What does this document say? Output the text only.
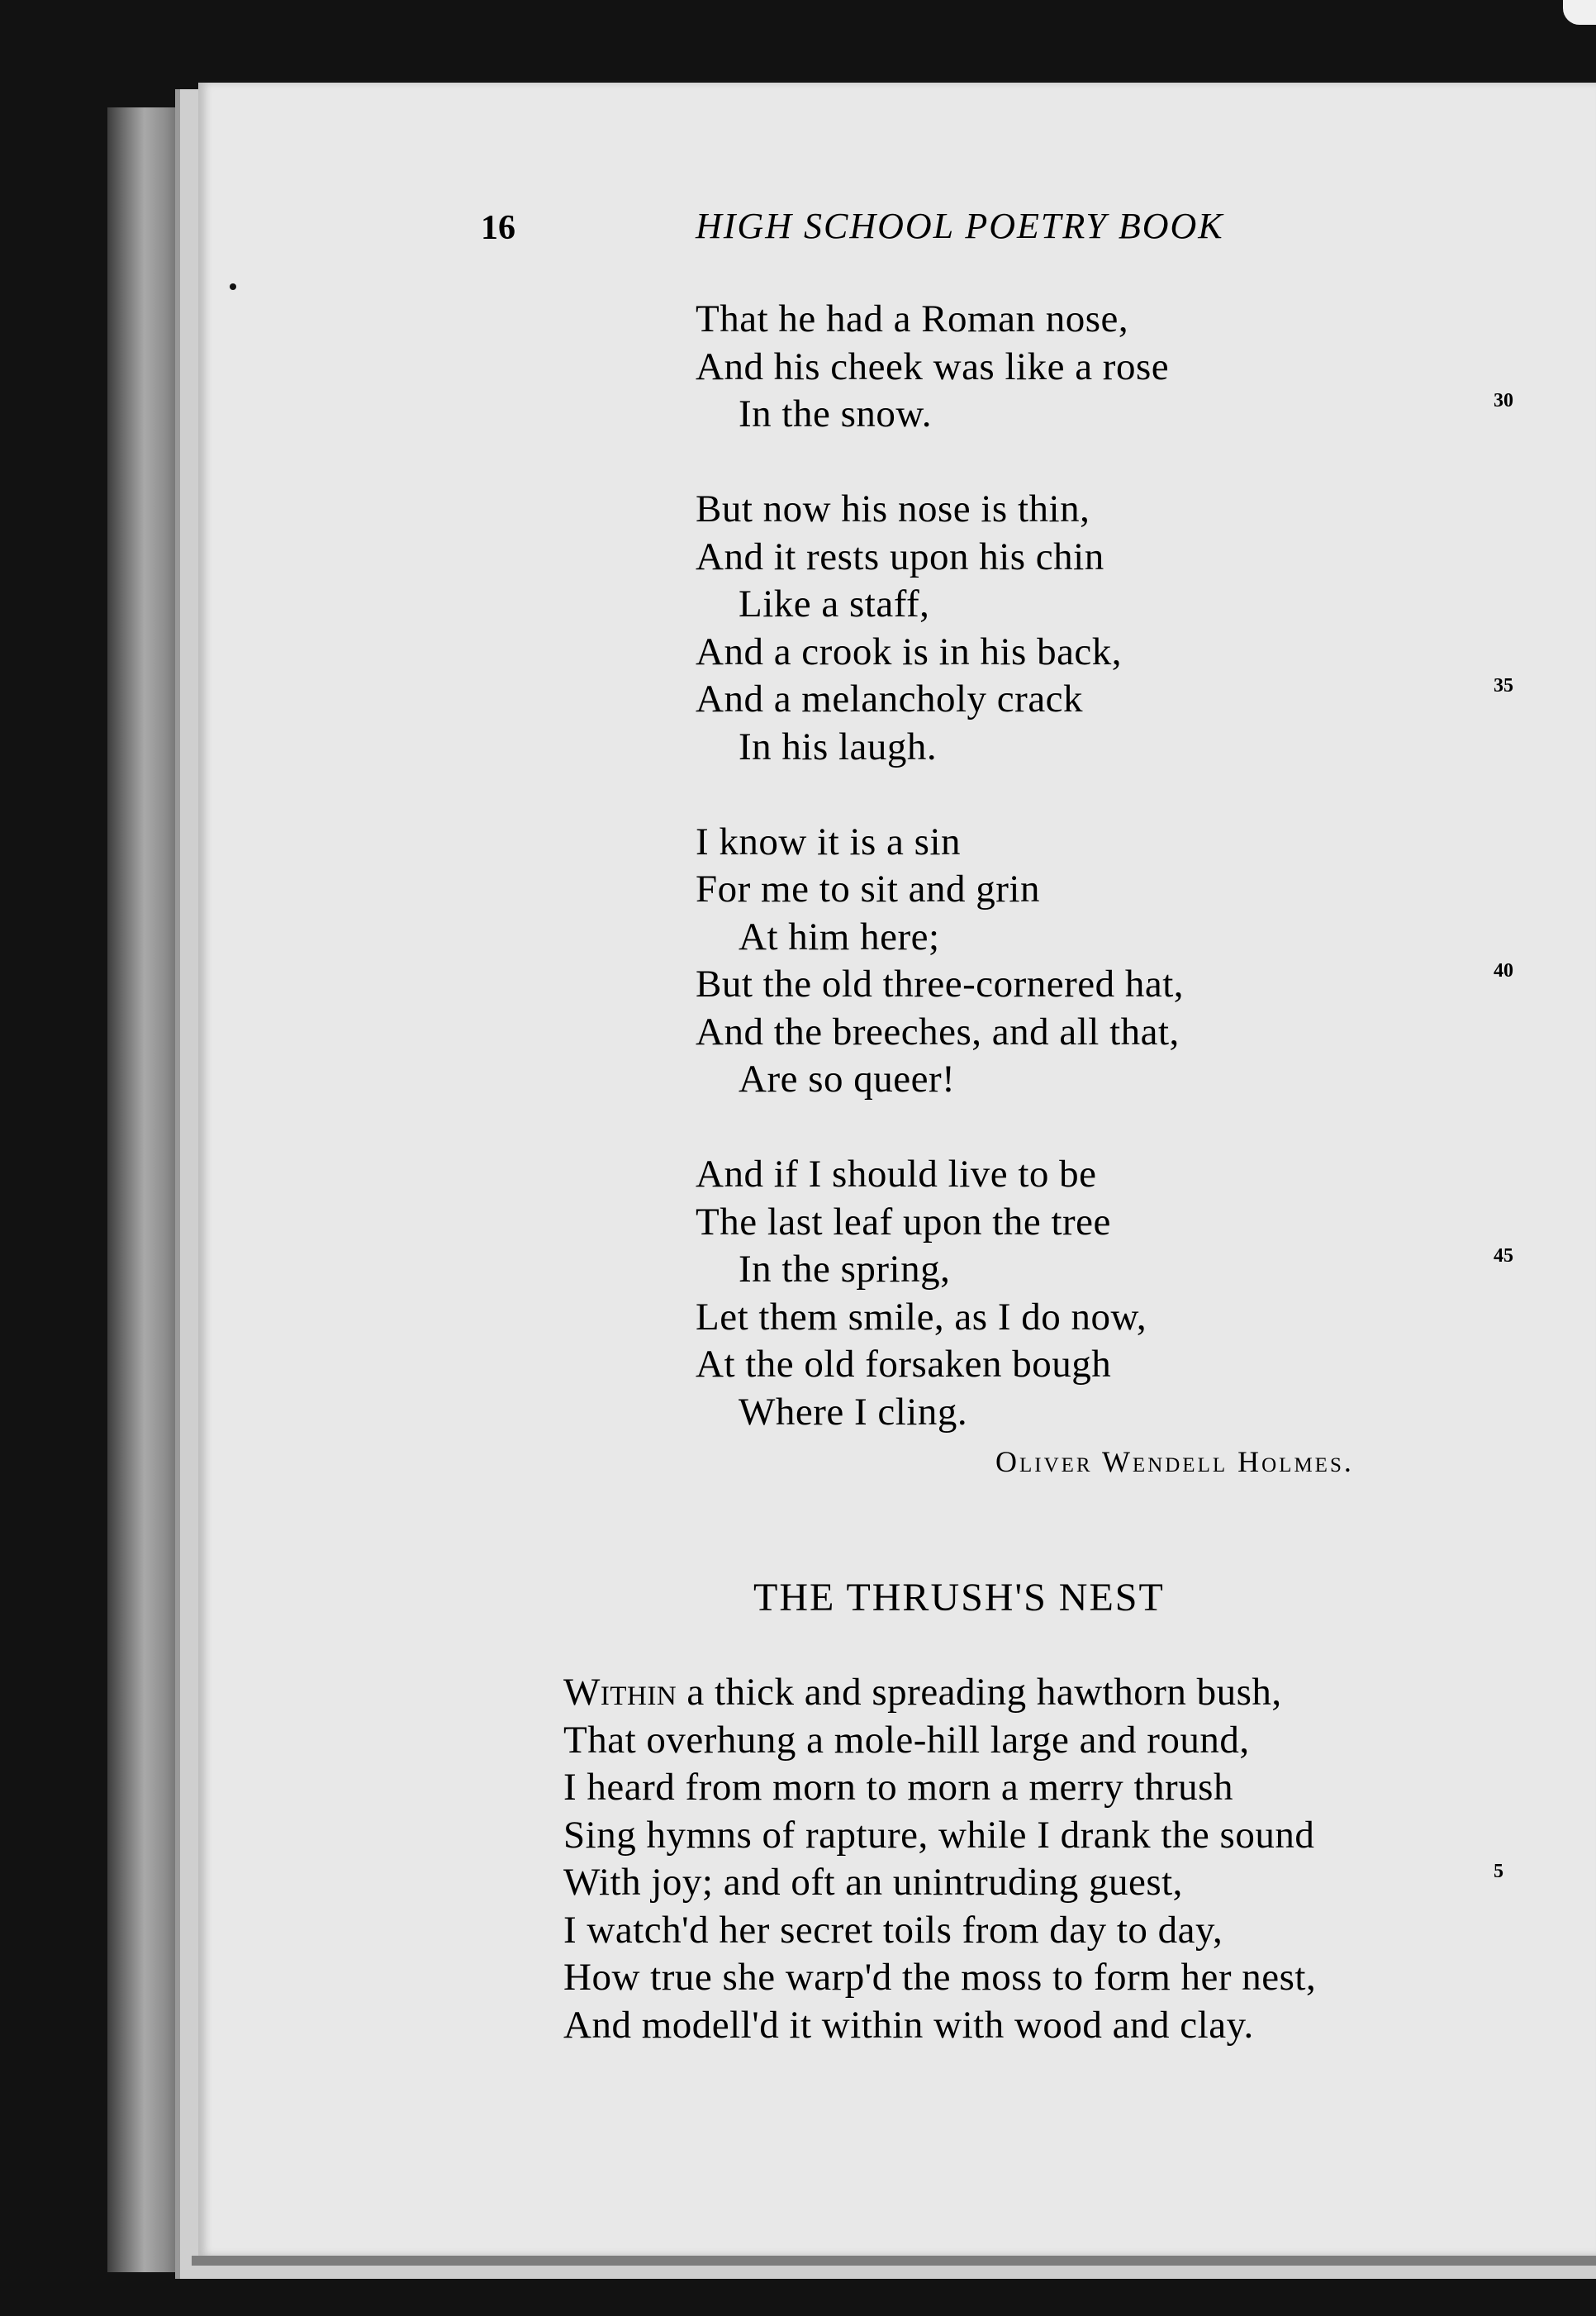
16	HIGH SCHOOL POETRY BOOK
That he had a Roman nose,
And his cheek was like a rose
In the snow.
But now his nose is thin,
And it rests upon his chin
Like a staff,
And a crook is in his back,
And a melancholy crack
In his laugh.
I know it is a sin
For me to sit and grin
At him here;
But the old three-cornered hat,
And the breeches, and all that,
Are so queer!
And if I should live to be
The last leaf upon the tree
In the spring,
Let them smile, as I do now,
At the old forsaken bough
Where I cling.
30
35
40
45
Oliver Wendell Holmes.
THE THRUSH'S NEST
Within a thick and spreading hawthorn bush,
That overhung a mole-hill large and round,
I heard from morn to morn a merry thrush
Sing hymns of rapture, while I drank the sound
With joy; and oft an unintruding guest,
I watch'd her secret toils from day to day,
How true she warp'd the moss to form her nest,
And modell'd it within with wood and clay.
5
